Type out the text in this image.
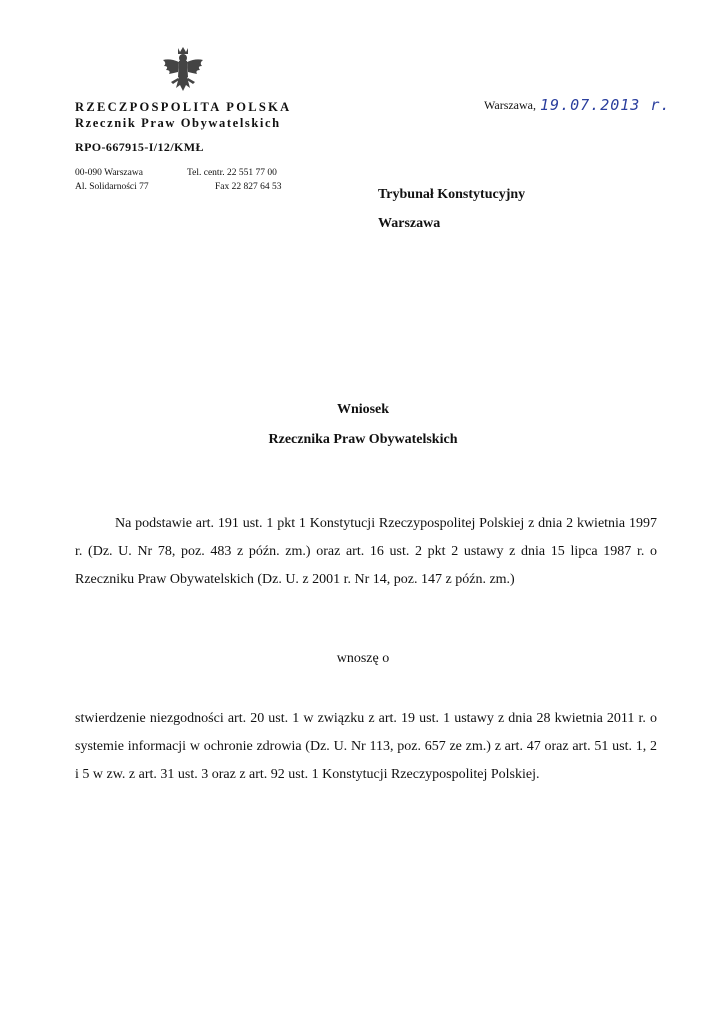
RZECZPOSPOLITA POLSKA
Rzecznik Praw Obywatelskich
RPO-667915-I/12/KMŁ
00-090 Warszawa
Al. Solidarności 77
Tel. centr. 22 551 77 00
Fax 22 827 64 53
Warszawa, 19.07.2013 r.
Trybunał Konstytucyjny
Warszawa
Wniosek
Rzecznika Praw Obywatelskich
Na podstawie art. 191 ust. 1 pkt 1 Konstytucji Rzeczypospolitej Polskiej z dnia 2 kwietnia 1997 r. (Dz. U. Nr 78, poz. 483 z późn. zm.) oraz art. 16 ust. 2 pkt 2 ustawy z dnia 15 lipca 1987 r. o Rzeczniku Praw Obywatelskich (Dz. U. z 2001 r. Nr 14, poz. 147 z późn. zm.)
wnoszę o
stwierdzenie niezgodności art. 20 ust. 1 w związku z art. 19 ust. 1 ustawy z dnia 28 kwietnia 2011 r. o systemie informacji w ochronie zdrowia (Dz. U. Nr 113, poz. 657 ze zm.) z art. 47 oraz art. 51 ust. 1, 2 i 5 w zw. z art. 31 ust. 3 oraz z art. 92 ust. 1 Konstytucji Rzeczypospolitej Polskiej.
